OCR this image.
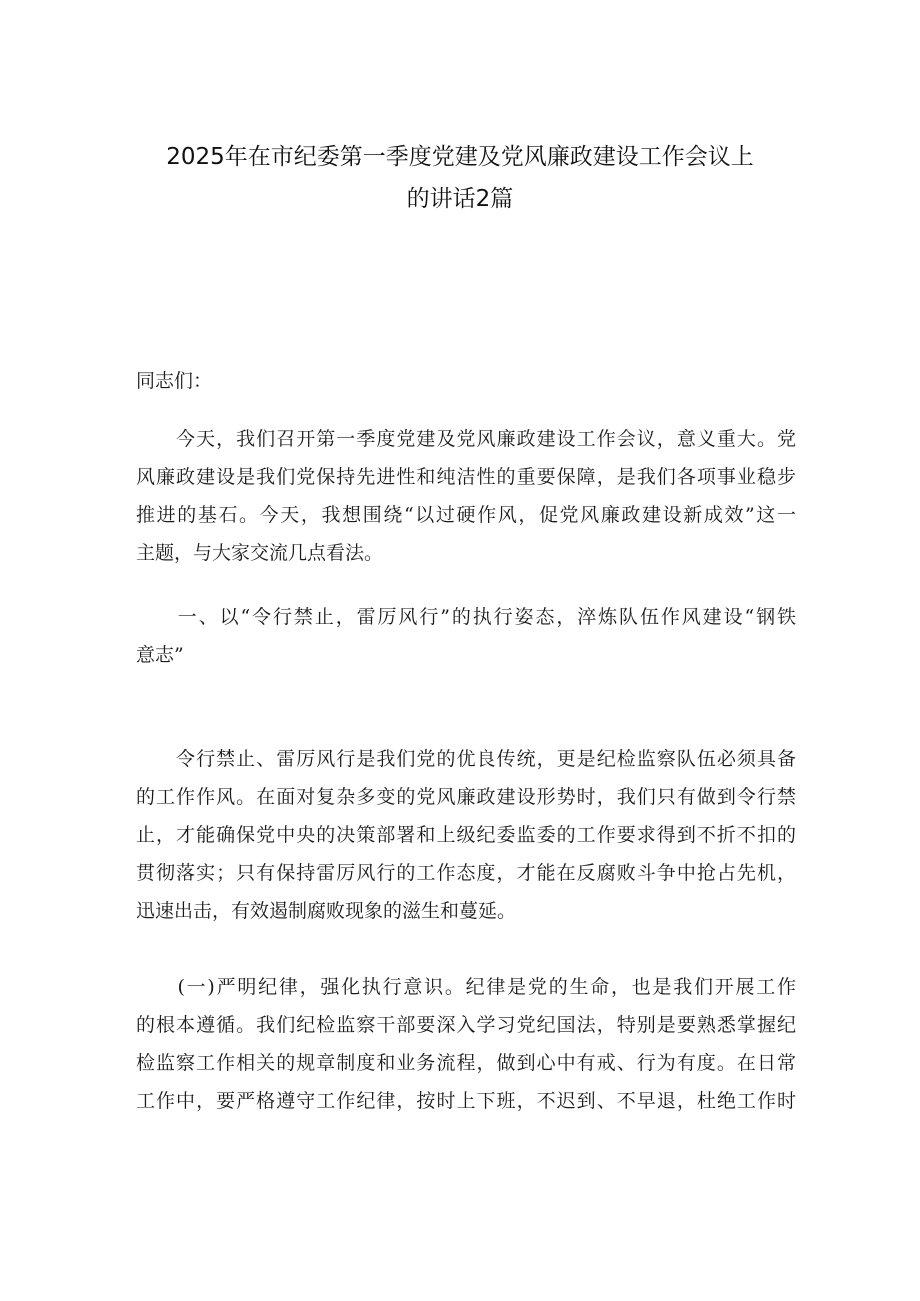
2025年在市纪委第一季度党建及党风廉政建设工作会议上
的讲话2篇
同志们：
　　今天，我们召开第一季度党建及党风廉政建设工作会议，意义重大。党
风廉政建设是我们党保持先进性和纯洁性的重要保障，是我们各项事业稳步
推进的基石。今天，我想围绕“以过硬作风，促党风廉政建设新成效”这一
主题，与大家交流几点看法。
　　一、以“令行禁止，雷厉风行”的执行姿态，淬炼队伍作风建设“钢铁
意志”
　　令行禁止、雷厉风行是我们党的优良传统，更是纪检监察队伍必须具备
的工作作风。在面对复杂多变的党风廉政建设形势时，我们只有做到令行禁
止，才能确保党中央的决策部署和上级纪委监委的工作要求得到不折不扣的
贯彻落实；只有保持雷厉风行的工作态度，才能在反腐败斗争中抢占先机，
迅速出击，有效遏制腐败现象的滋生和蔓延。
　　(一)严明纪律，强化执行意识。纪律是党的生命，也是我们开展工作
的根本遵循。我们纪检监察干部要深入学习党纪国法，特别是要熟悉掌握纪
检监察工作相关的规章制度和业务流程，做到心中有戒、行为有度。在日常
工作中，要严格遵守工作纪律，按时上下班，不迟到、不早退，杜绝工作时
